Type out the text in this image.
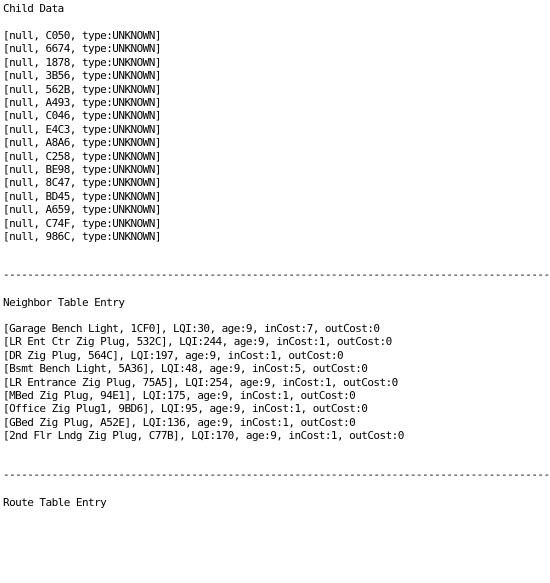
Child Data
[null, C050, type:UNKNOWN]
[null, 6674, type:UNKNOWN]
[null, 1878, type:UNKNOWN]
[null, 3B56, type:UNKNOWN]
[null, 562B, type:UNKNOWN]
[null, A493, type:UNKNOWN]
[null, C046, type:UNKNOWN]
[null, E4C3, type:UNKNOWN]
[null, A8A6, type:UNKNOWN]
[null, C258, type:UNKNOWN]
[null, BE98, type:UNKNOWN]
[null, 8C47, type:UNKNOWN]
[null, BD45, type:UNKNOWN]
[null, A659, type:UNKNOWN]
[null, C74F, type:UNKNOWN]
[null, 986C, type:UNKNOWN]
------------------------------------------------------------------------------------------
Neighbor Table Entry
[Garage Bench Light, 1CF0], LQI:30, age:9, inCost:7, outCost:0
[LR Ent Ctr Zig Plug, 532C], LQI:244, age:9, inCost:1, outCost:0
[DR Zig Plug, 564C], LQI:197, age:9, inCost:1, outCost:0
[Bsmt Bench Light, 5A36], LQI:48, age:9, inCost:5, outCost:0
[LR Entrance Zig Plug, 75A5], LQI:254, age:9, inCost:1, outCost:0
[MBed Zig Plug, 94E1], LQI:175, age:9, inCost:1, outCost:0
[Office Zig Plug1, 9BD6], LQI:95, age:9, inCost:1, outCost:0
[GBed Zig Plug, A52E], LQI:136, age:9, inCost:1, outCost:0
[2nd Flr Lndg Zig Plug, C77B], LQI:170, age:9, inCost:1, outCost:0
------------------------------------------------------------------------------------------
Route Table Entry
